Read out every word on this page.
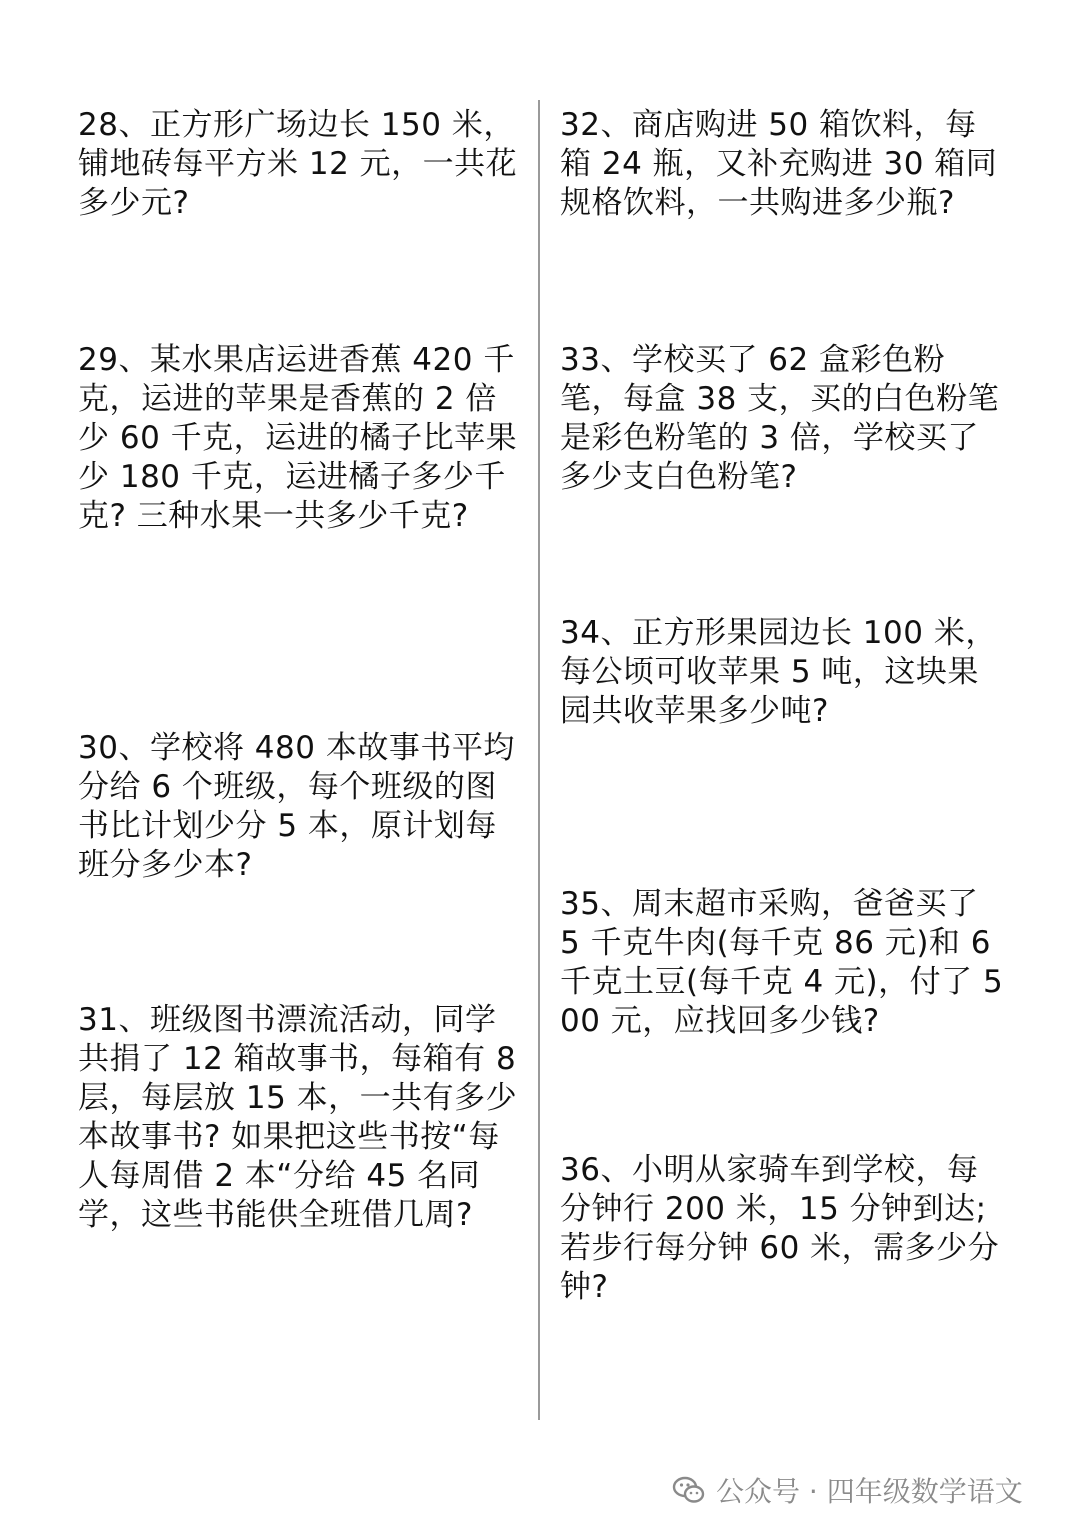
28、正方形广场边长 150 米，铺地砖每平方米 12 元，一共花多少元?
29、某水果店运进香蕉 420 千克，运进的苹果是香蕉的 2 倍少 60 千克，运进的橘子比苹果少 180 千克，运进橘子多少千克? 三种水果一共多少千克?
30、学校将 480 本故事书平均分给 6 个班级，每个班级的图书比计划少分 5 本，原计划每班分多少本?
31、班级图书漂流活动，同学共捐了 12 箱故事书，每箱有 8 层，每层放 15 本，一共有多少本故事书? 如果把这些书按“每人每周借 2 本“分给 45 名同学，这些书能供全班借几周?
32、商店购进 50 箱饮料，每箱 24 瓶，又补充购进 30 箱同规格饮料，一共购进多少瓶?
33、学校买了 62 盒彩色粉笔，每盒 38 支，买的白色粉笔是彩色粉笔的 3 倍，学校买了多少支白色粉笔?
34、正方形果园边长 100 米，每公顷可收苹果 5 吨，这块果园共收苹果多少吨?
35、周末超市采购，爸爸买了 5 千克牛肉(每千克 86 元)和 6 千克土豆(每千克 4 元)，付了 500 元，应找回多少钱?
36、小明从家骑车到学校，每分钟行 200 米，15 分钟到达; 若步行每分钟 60 米，需多少分钟?
公众号 · 四年级数学语文
